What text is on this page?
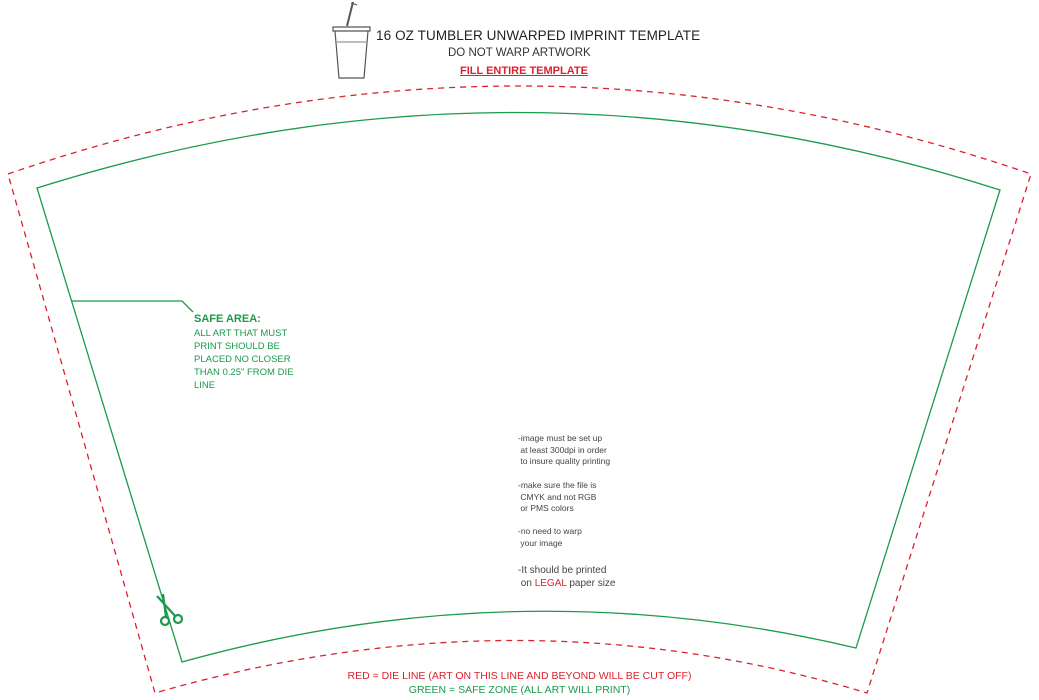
16 OZ TUMBLER UNWARPED IMPRINT TEMPLATE

DO NOT WARP ARTWORK

FILL ENTIRE TEMPLATE

SAFE AREA:

ALL ART THAT MUST PRINT SHOULD BE PLACED NO CLOSER THAN 0.25" FROM DIE LINE

-image must be set up
at least 300dpi in order
to insure quality printing

-make sure the file is
CMYK and not RGB
or PMS colors

-no need to warp
your image

-It should be printed
on LEGAL paper size

RED = DIE LINE (ART ON THIS LINE AND BEYOND WILL BE CUT OFF)

GREEN = SAFE ZONE (ALL ART WILL PRINT)
